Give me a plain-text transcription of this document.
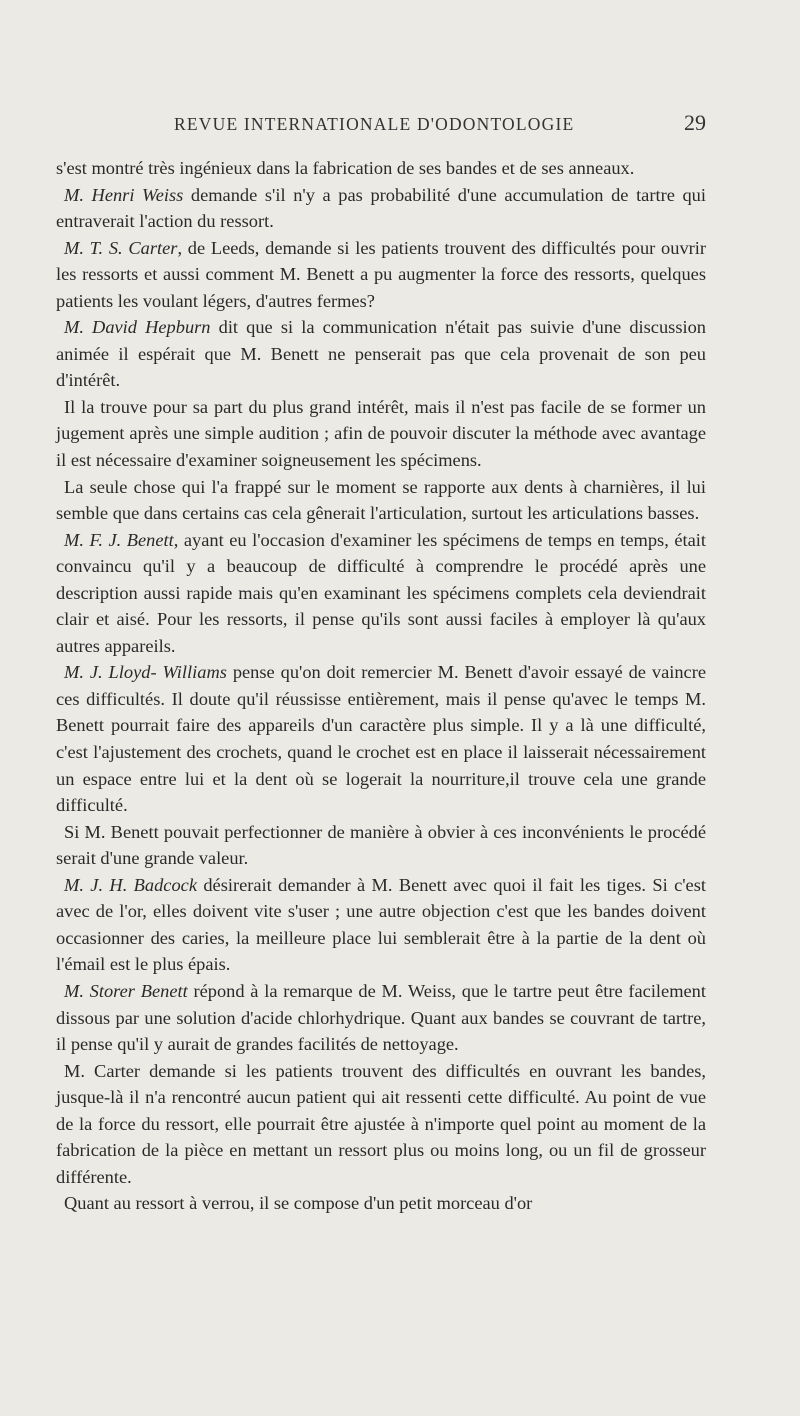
REVUE INTERNATIONALE D'ODONTOLOGIE	29

s'est montré très ingénieux dans la fabrication de ses bandes et de ses anneaux.

M. Henri Weiss demande s'il n'y a pas probabilité d'une accumulation de tartre qui entraverait l'action du ressort.

M. T. S. Carter, de Leeds, demande si les patients trouvent des difficultés pour ouvrir les ressorts et aussi comment M. Benett a pu augmenter la force des ressorts, quelques patients les voulant légers, d'autres fermes?

M. David Hepburn dit que si la communication n'était pas suivie d'une discussion animée il espérait que M. Benett ne penserait pas que cela provenait de son peu d'intérêt.

Il la trouve pour sa part du plus grand intérêt, mais il n'est pas facile de se former un jugement après une simple audition ; afin de pouvoir discuter la méthode avec avantage il est nécessaire d'examiner soigneusement les spécimens.

La seule chose qui l'a frappé sur le moment se rapporte aux dents à charnières, il lui semble que dans certains cas cela gênerait l'articulation, surtout les articulations basses.

M. F. J. Benett, ayant eu l'occasion d'examiner les spécimens de temps en temps, était convaincu qu'il y a beaucoup de difficulté à comprendre le procédé après une description aussi rapide mais qu'en examinant les spécimens complets cela deviendrait clair et aisé. Pour les ressorts, il pense qu'ils sont aussi faciles à employer là qu'aux autres appareils.

M. J. Lloyd- Williams pense qu'on doit remercier M. Benett d'avoir essayé de vaincre ces difficultés. Il doute qu'il réussisse entièrement, mais il pense qu'avec le temps M. Benett pourrait faire des appareils d'un caractère plus simple. Il y a là une difficulté, c'est l'ajustement des crochets, quand le crochet est en place il laisserait nécessairement un espace entre lui et la dent où se logerait la nourriture,il trouve cela une grande difficulté.

Si M. Benett pouvait perfectionner de manière à obvier à ces inconvénients le procédé serait d'une grande valeur.

M. J. H. Badcock désirerait demander à M. Benett avec quoi il fait les tiges. Si c'est avec de l'or, elles doivent vite s'user ; une autre objection c'est que les bandes doivent occasionner des caries, la meilleure place lui semblerait être à la partie de la dent où l'émail est le plus épais.

M. Storer Benett répond à la remarque de M. Weiss, que le tartre peut être facilement dissous par une solution d'acide chlorhydrique. Quant aux bandes se couvrant de tartre, il pense qu'il y aurait de grandes facilités de nettoyage.

M. Carter demande si les patients trouvent des difficultés en ouvrant les bandes, jusque-là il n'a rencontré aucun patient qui ait ressenti cette difficulté. Au point de vue de la force du ressort, elle pourrait être ajustée à n'importe quel point au moment de la fabrication de la pièce en mettant un ressort plus ou moins long, ou un fil de grosseur différente.

Quant au ressort à verrou, il se compose d'un petit morceau d'or
